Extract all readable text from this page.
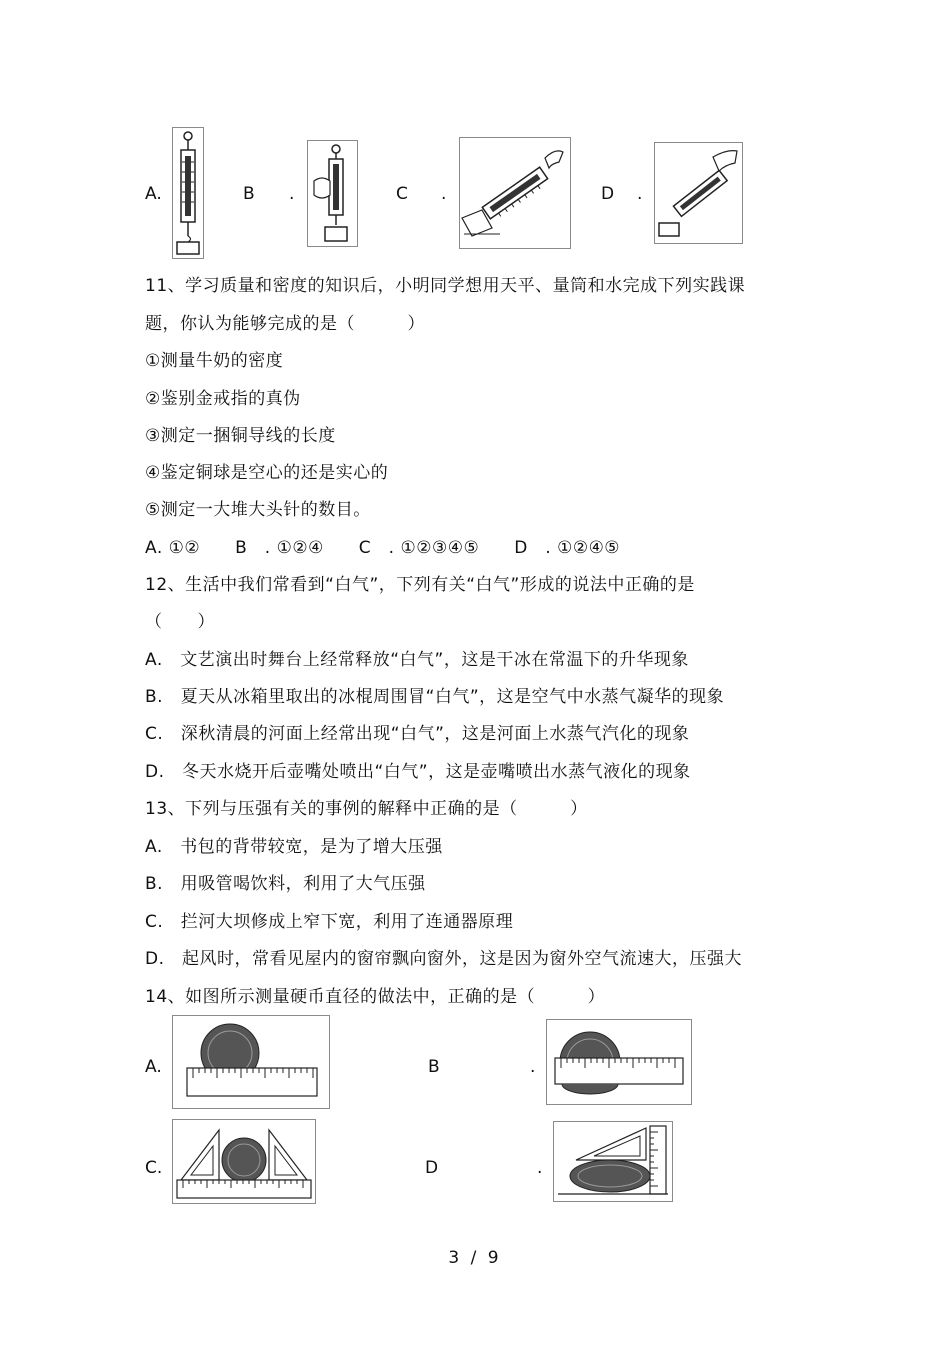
A.	B .	C .	D .
11、学习质量和密度的知识后，小明同学想用天平、量筒和水完成下列实践课
题，你认为能够完成的是（　　　）
①测量牛奶的密度
②鉴别金戒指的真伪
③测定一捆铜导线的长度
④鉴定铜球是空心的还是实心的
⑤测定一大堆大头针的数目。
A. ①②　　B　. ①②④　　C　. ①②③④⑤　　D　. ①②④⑤
12、生活中我们常看到“白气”，下列有关“白气”形成的说法中正确的是
（　　）
A.　文艺演出时舞台上经常释放“白气”，这是干冰在常温下的升华现象
B.　夏天从冰箱里取出的冰棍周围冒“白气”，这是空气中水蒸气凝华的现象
C.　深秋清晨的河面上经常出现“白气”，这是河面上水蒸气汽化的现象
D.　冬天水烧开后壶嘴处喷出“白气”，这是壶嘴喷出水蒸气液化的现象
13、下列与压强有关的事例的解释中正确的是（　　　）
A.　书包的背带较宽，是为了增大压强
B.　用吸管喝饮料，利用了大气压强
C.　拦河大坝修成上窄下宽，利用了连通器原理
D.　起风时，常看见屋内的窗帘飘向窗外，这是因为窗外空气流速大，压强大
14、如图所示测量硬币直径的做法中，正确的是（　　　）
A.	B	.
C.	D	.
3 / 9
